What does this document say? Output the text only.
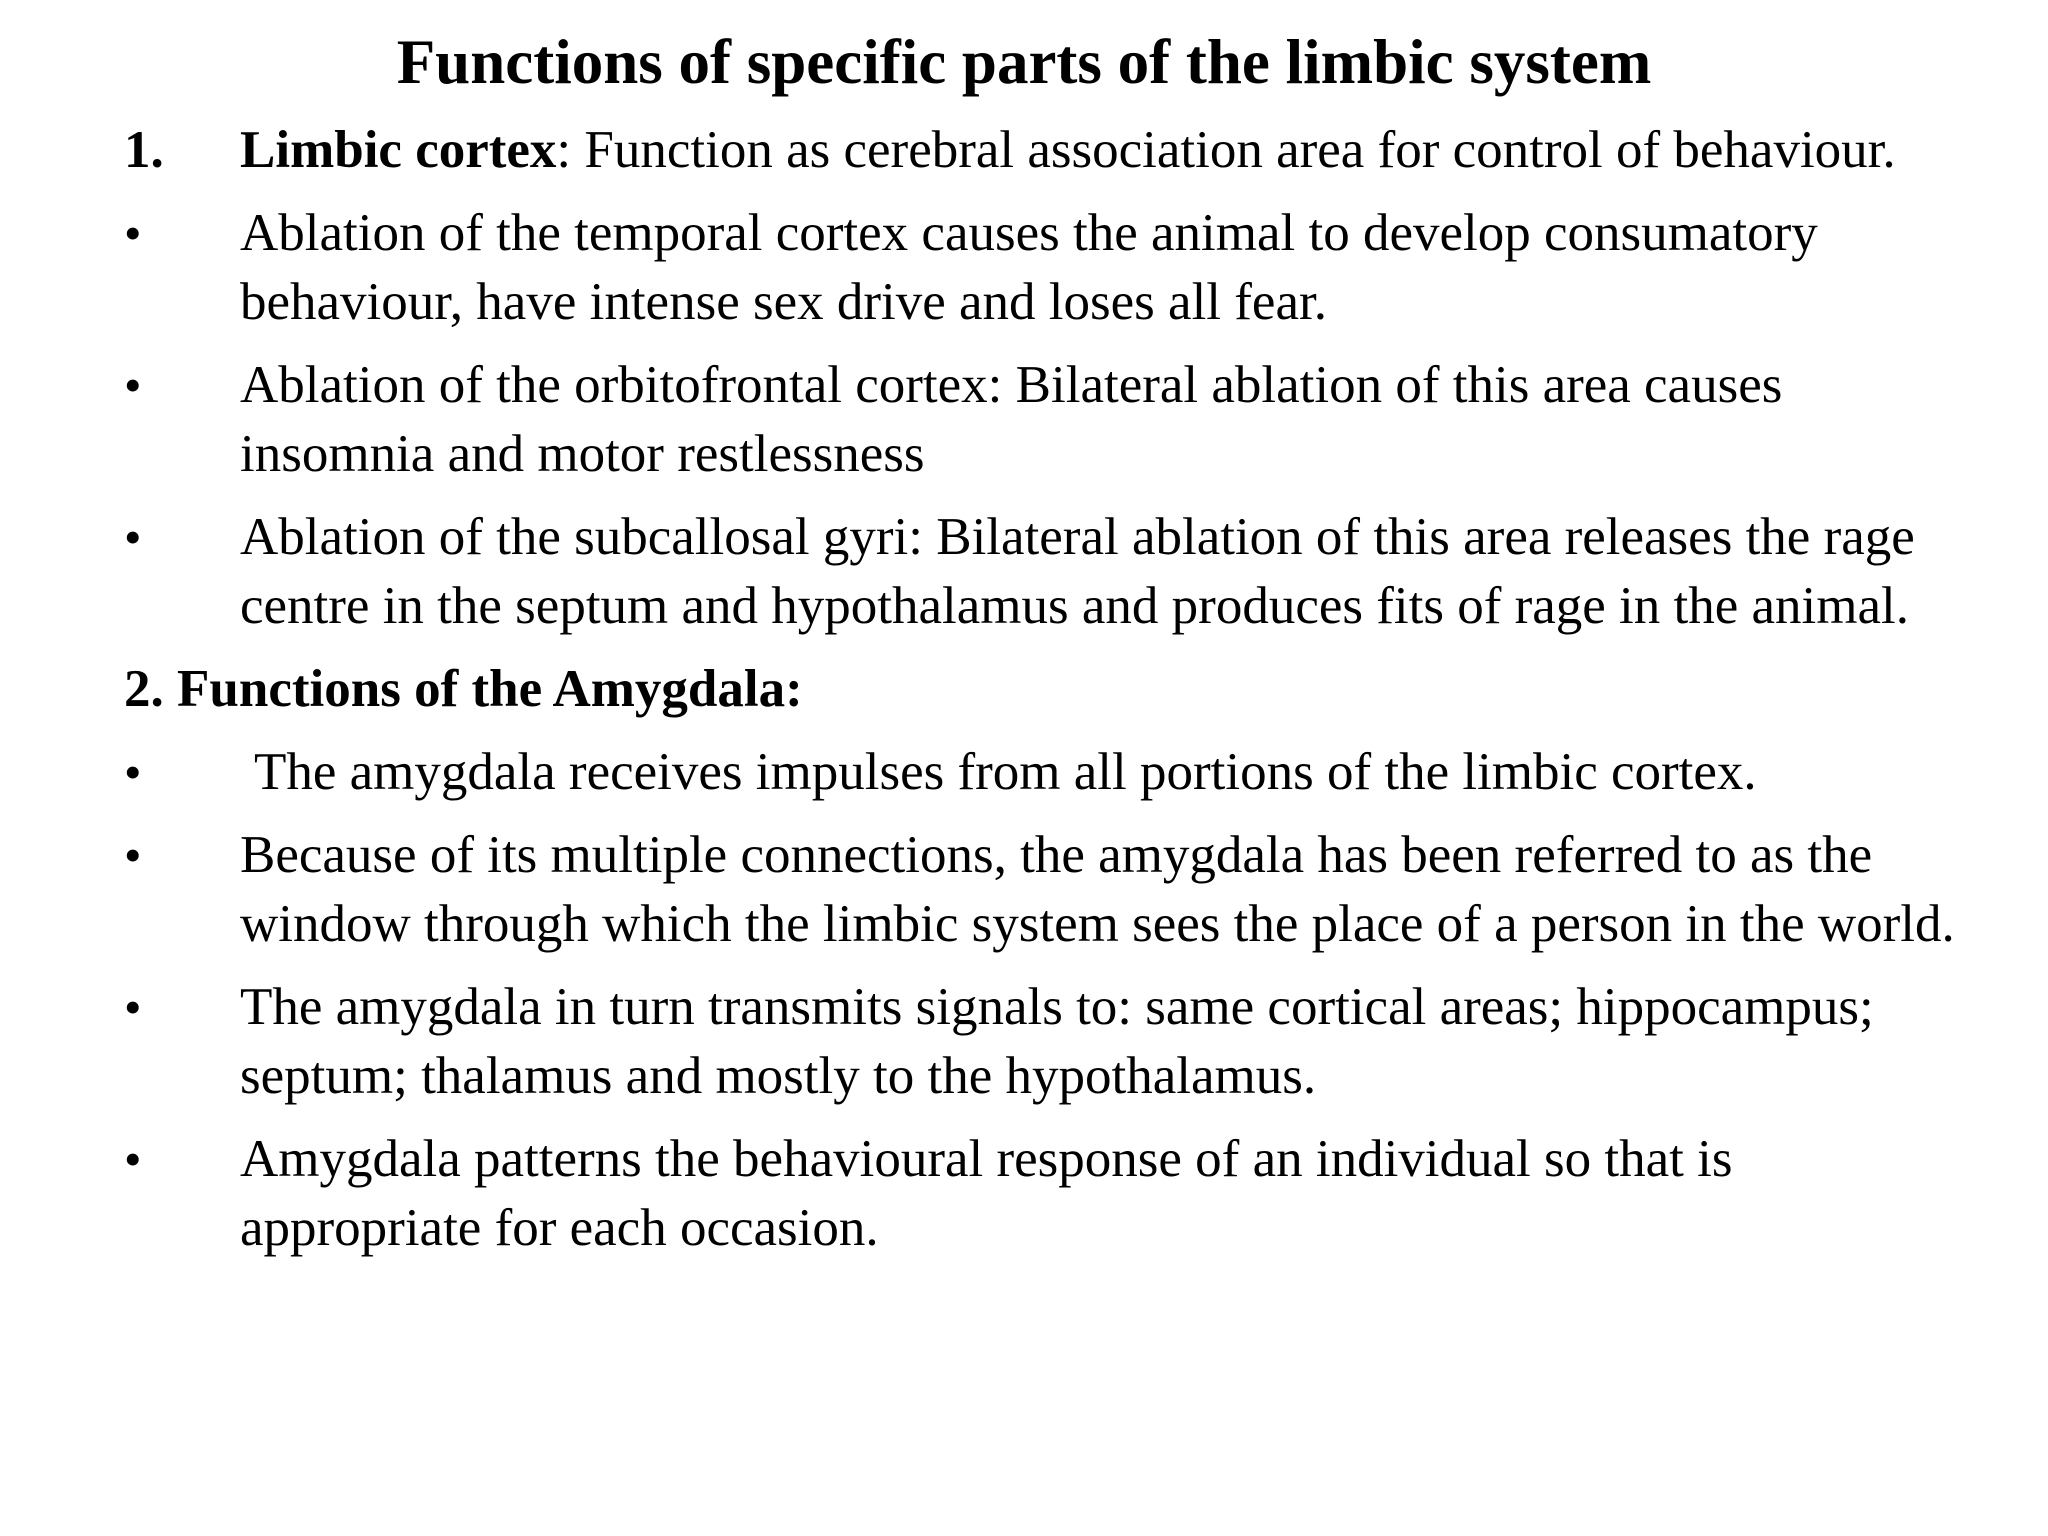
Functions of specific parts of the limbic system
1.	Limbic cortex: Function as cerebral association area for control of behaviour.
•	Ablation of the temporal cortex causes the animal to develop consumatory behaviour, have intense sex drive and loses all fear.
•	Ablation of the orbitofrontal cortex: Bilateral ablation of this area causes insomnia and motor restlessness
•	Ablation of the subcallosal gyri: Bilateral ablation of this area releases the rage centre in the septum and hypothalamus and produces fits of rage in the animal.
2. Functions of the Amygdala:
•	The amygdala receives impulses from all portions of the limbic cortex.
•	Because of its multiple connections, the amygdala has been referred to as the window through which the limbic system sees the place of a person in the world.
•	The amygdala in turn transmits signals to: same cortical areas; hippocampus; septum; thalamus and mostly to the hypothalamus.
•	Amygdala patterns the behavioural response of an individual so that is appropriate for each occasion.
